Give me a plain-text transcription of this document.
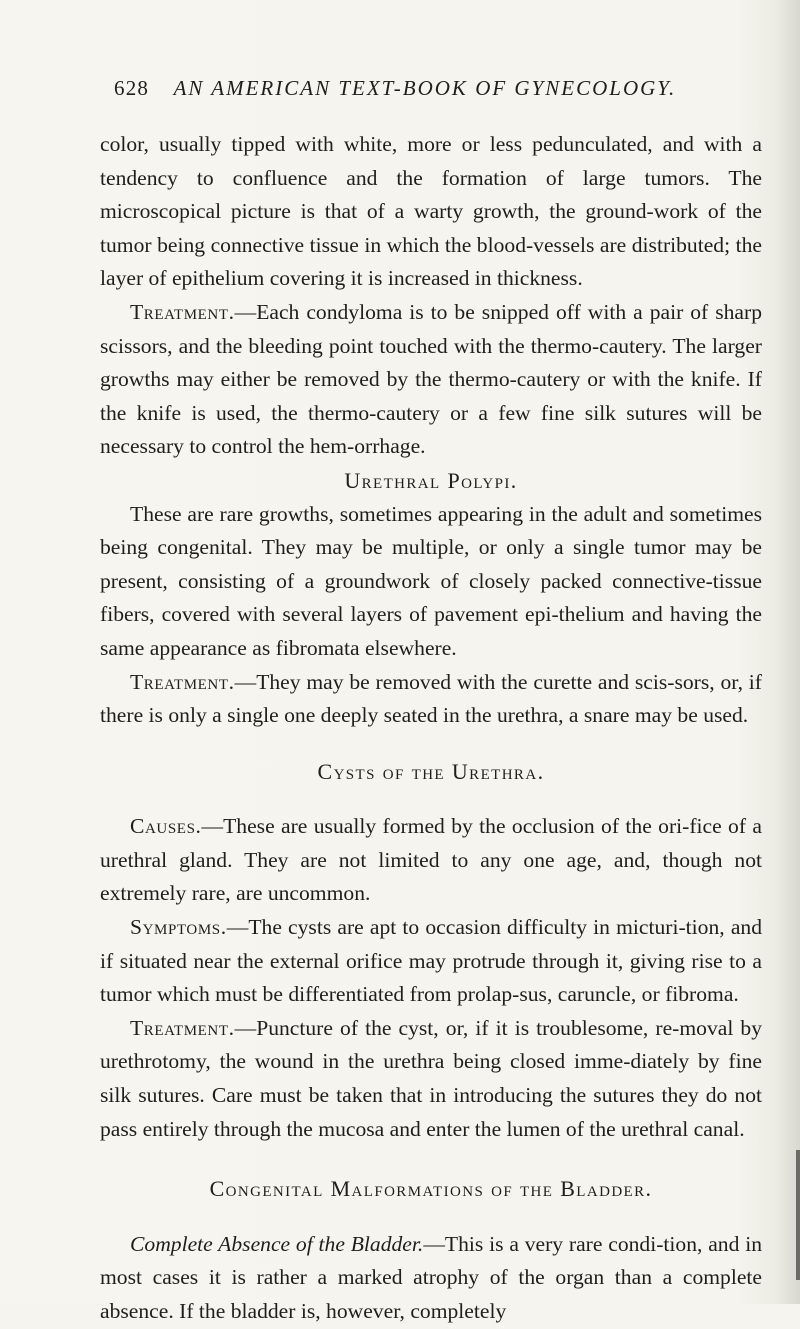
628 AN AMERICAN TEXT-BOOK OF GYNECOLOGY.

color, usually tipped with white, more or less pedunculated, and with a tendency to confluence and the formation of large tumors. The microscopical picture is that of a warty growth, the ground-work of the tumor being connective tissue in which the blood-vessels are distributed; the layer of epithelium covering it is increased in thickness.

Treatment.—Each condyloma is to be snipped off with a pair of sharp scissors, and the bleeding point touched with the thermo-cautery. The larger growths may either be removed by the thermo-cautery or with the knife. If the knife is used, the thermo-cautery or a few fine silk sutures will be necessary to control the hem-orrhage.

Urethral Polypi.

These are rare growths, sometimes appearing in the adult and sometimes being congenital. They may be multiple, or only a single tumor may be present, consisting of a groundwork of closely packed connective-tissue fibers, covered with several layers of pavement epi-thelium and having the same appearance as fibromata elsewhere.

Treatment.—They may be removed with the curette and scis-sors, or, if there is only a single one deeply seated in the urethra, a snare may be used.

Cysts of the Urethra.

Causes.—These are usually formed by the occlusion of the ori-fice of a urethral gland. They are not limited to any one age, and, though not extremely rare, are uncommon.

Symptoms.—The cysts are apt to occasion difficulty in micturi-tion, and if situated near the external orifice may protrude through it, giving rise to a tumor which must be differentiated from prolap-sus, caruncle, or fibroma.

Treatment.—Puncture of the cyst, or, if it is troublesome, re-moval by urethrotomy, the wound in the urethra being closed imme-diately by fine silk sutures. Care must be taken that in introducing the sutures they do not pass entirely through the mucosa and enter the lumen of the urethral canal.

Congenital Malformations of the Bladder.

Complete Absence of the Bladder.—This is a very rare condi-tion, and in most cases it is rather a marked atrophy of the organ than a complete absence. If the bladder is, however, completely
